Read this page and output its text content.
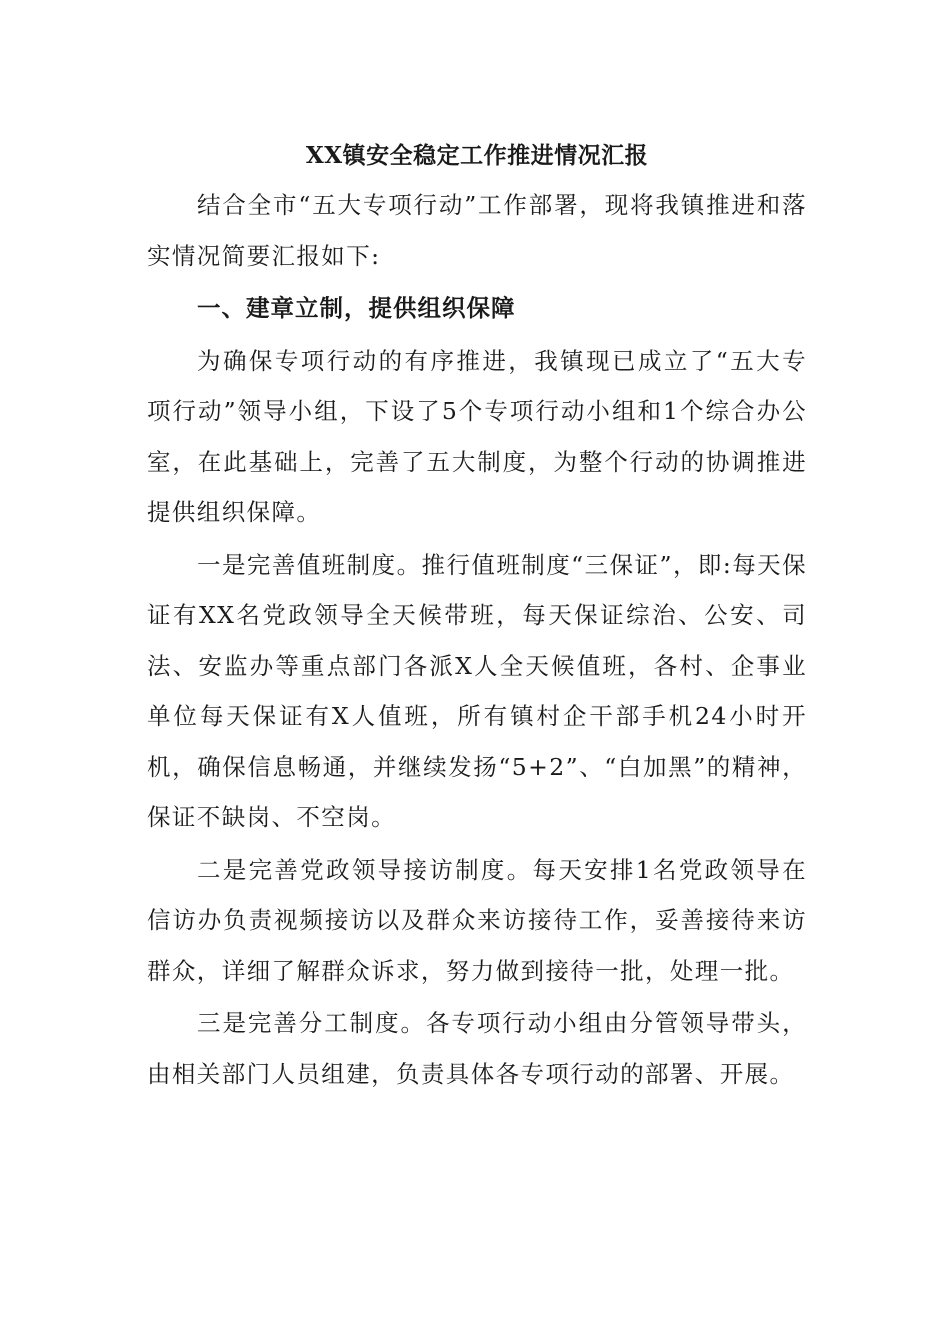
XX镇安全稳定工作推进情况汇报

结合全市“五大专项行动”工作部署，现将我镇推进和落实情况简要汇报如下:

一、建章立制，提供组织保障

为确保专项行动的有序推进，我镇现已成立了“五大专项行动”领导小组，下设了5个专项行动小组和1个综合办公室，在此基础上，完善了五大制度，为整个行动的协调推进提供组织保障。

一是完善值班制度。推行值班制度“三保证”，即:每天保证有XX名党政领导全天候带班，每天保证综治、公安、司法、安监办等重点部门各派X人全天候值班，各村、企事业单位每天保证有X人值班，所有镇村企干部手机24小时开机，确保信息畅通，并继续发扬“5+2”、“白加黑”的精神，保证不缺岗、不空岗。

二是完善党政领导接访制度。每天安排1名党政领导在信访办负责视频接访以及群众来访接待工作，妥善接待来访群众，详细了解群众诉求，努力做到接待一批，处理一批。

三是完善分工制度。各专项行动小组由分管领导带头，由相关部门人员组建，负责具体各专项行动的部署、开展。
